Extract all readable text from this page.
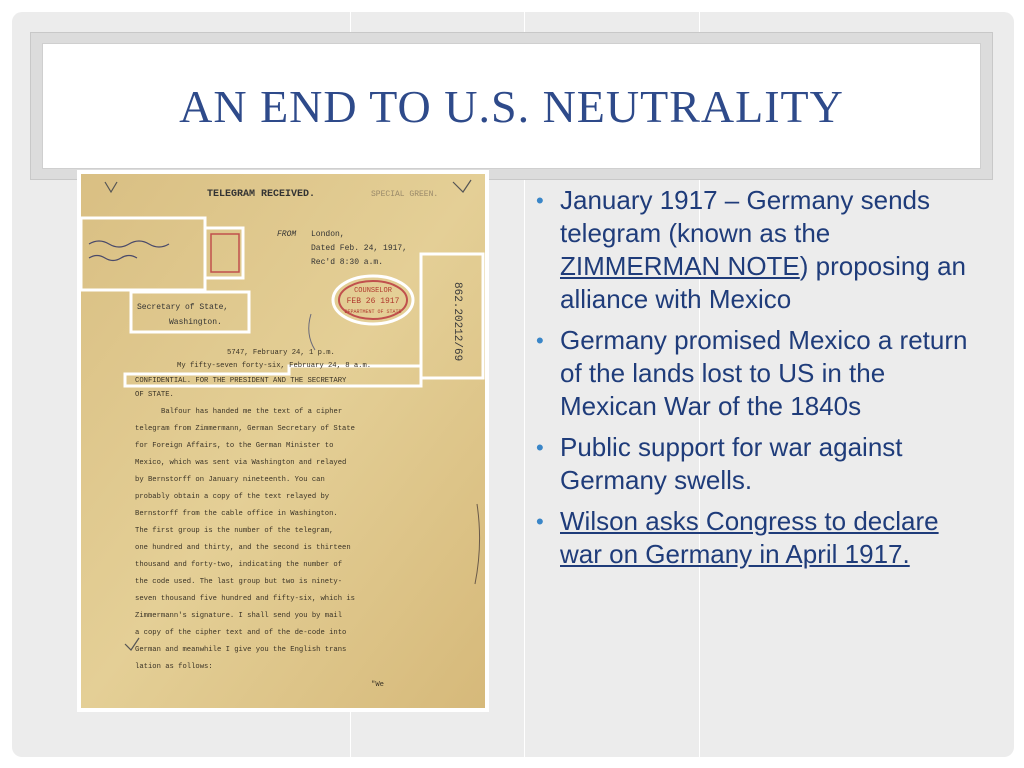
AN END TO U.S. NEUTRALITY
COUNSELOR
FEB 26 1917
DEPARTMENT OF STATE	862.20212/69
TELEGRAM RECEIVED.	SPECIAL GREEN.
FROM London,
Dated Feb. 24, 1917,
Rec'd 8:30 a.m.
Secretary of State,
Washington.
5747, February 24, 1 p.m.
My fifty-seven forty-six, February 24, 8 a.m.
CONFIDENTIAL. FOR THE PRESIDENT AND THE SECRETARY
OF STATE.
Balfour has handed me the text of a cipher
telegram from Zimmermann, German Secretary of State
for Foreign Affairs, to the German Minister to
Mexico, which was sent via Washington and relayed
by Bernstorff on January nineteenth. You can
probably obtain a copy of the text relayed by
Bernstorff from the cable office in Washington.
The first group is the number of the telegram,
one hundred and thirty, and the second is thirteen
thousand and forty-two, indicating the number of
the code used. The last group but two is ninety-
seven thousand five hundred and fifty-six, which is
Zimmermann's signature. I shall send you by mail
a copy of the cipher text and of the de-code into
German and meanwhile I give you the English trans
lation as follows:
"We
• January 1917 – Germany sends telegram (known as the ZIMMERMAN NOTE) proposing an alliance with Mexico
• Germany promised Mexico a return of the lands lost to US in the Mexican War of the 1840s
• Public support for war against Germany swells.
• Wilson asks Congress to declare war on Germany in April 1917.
